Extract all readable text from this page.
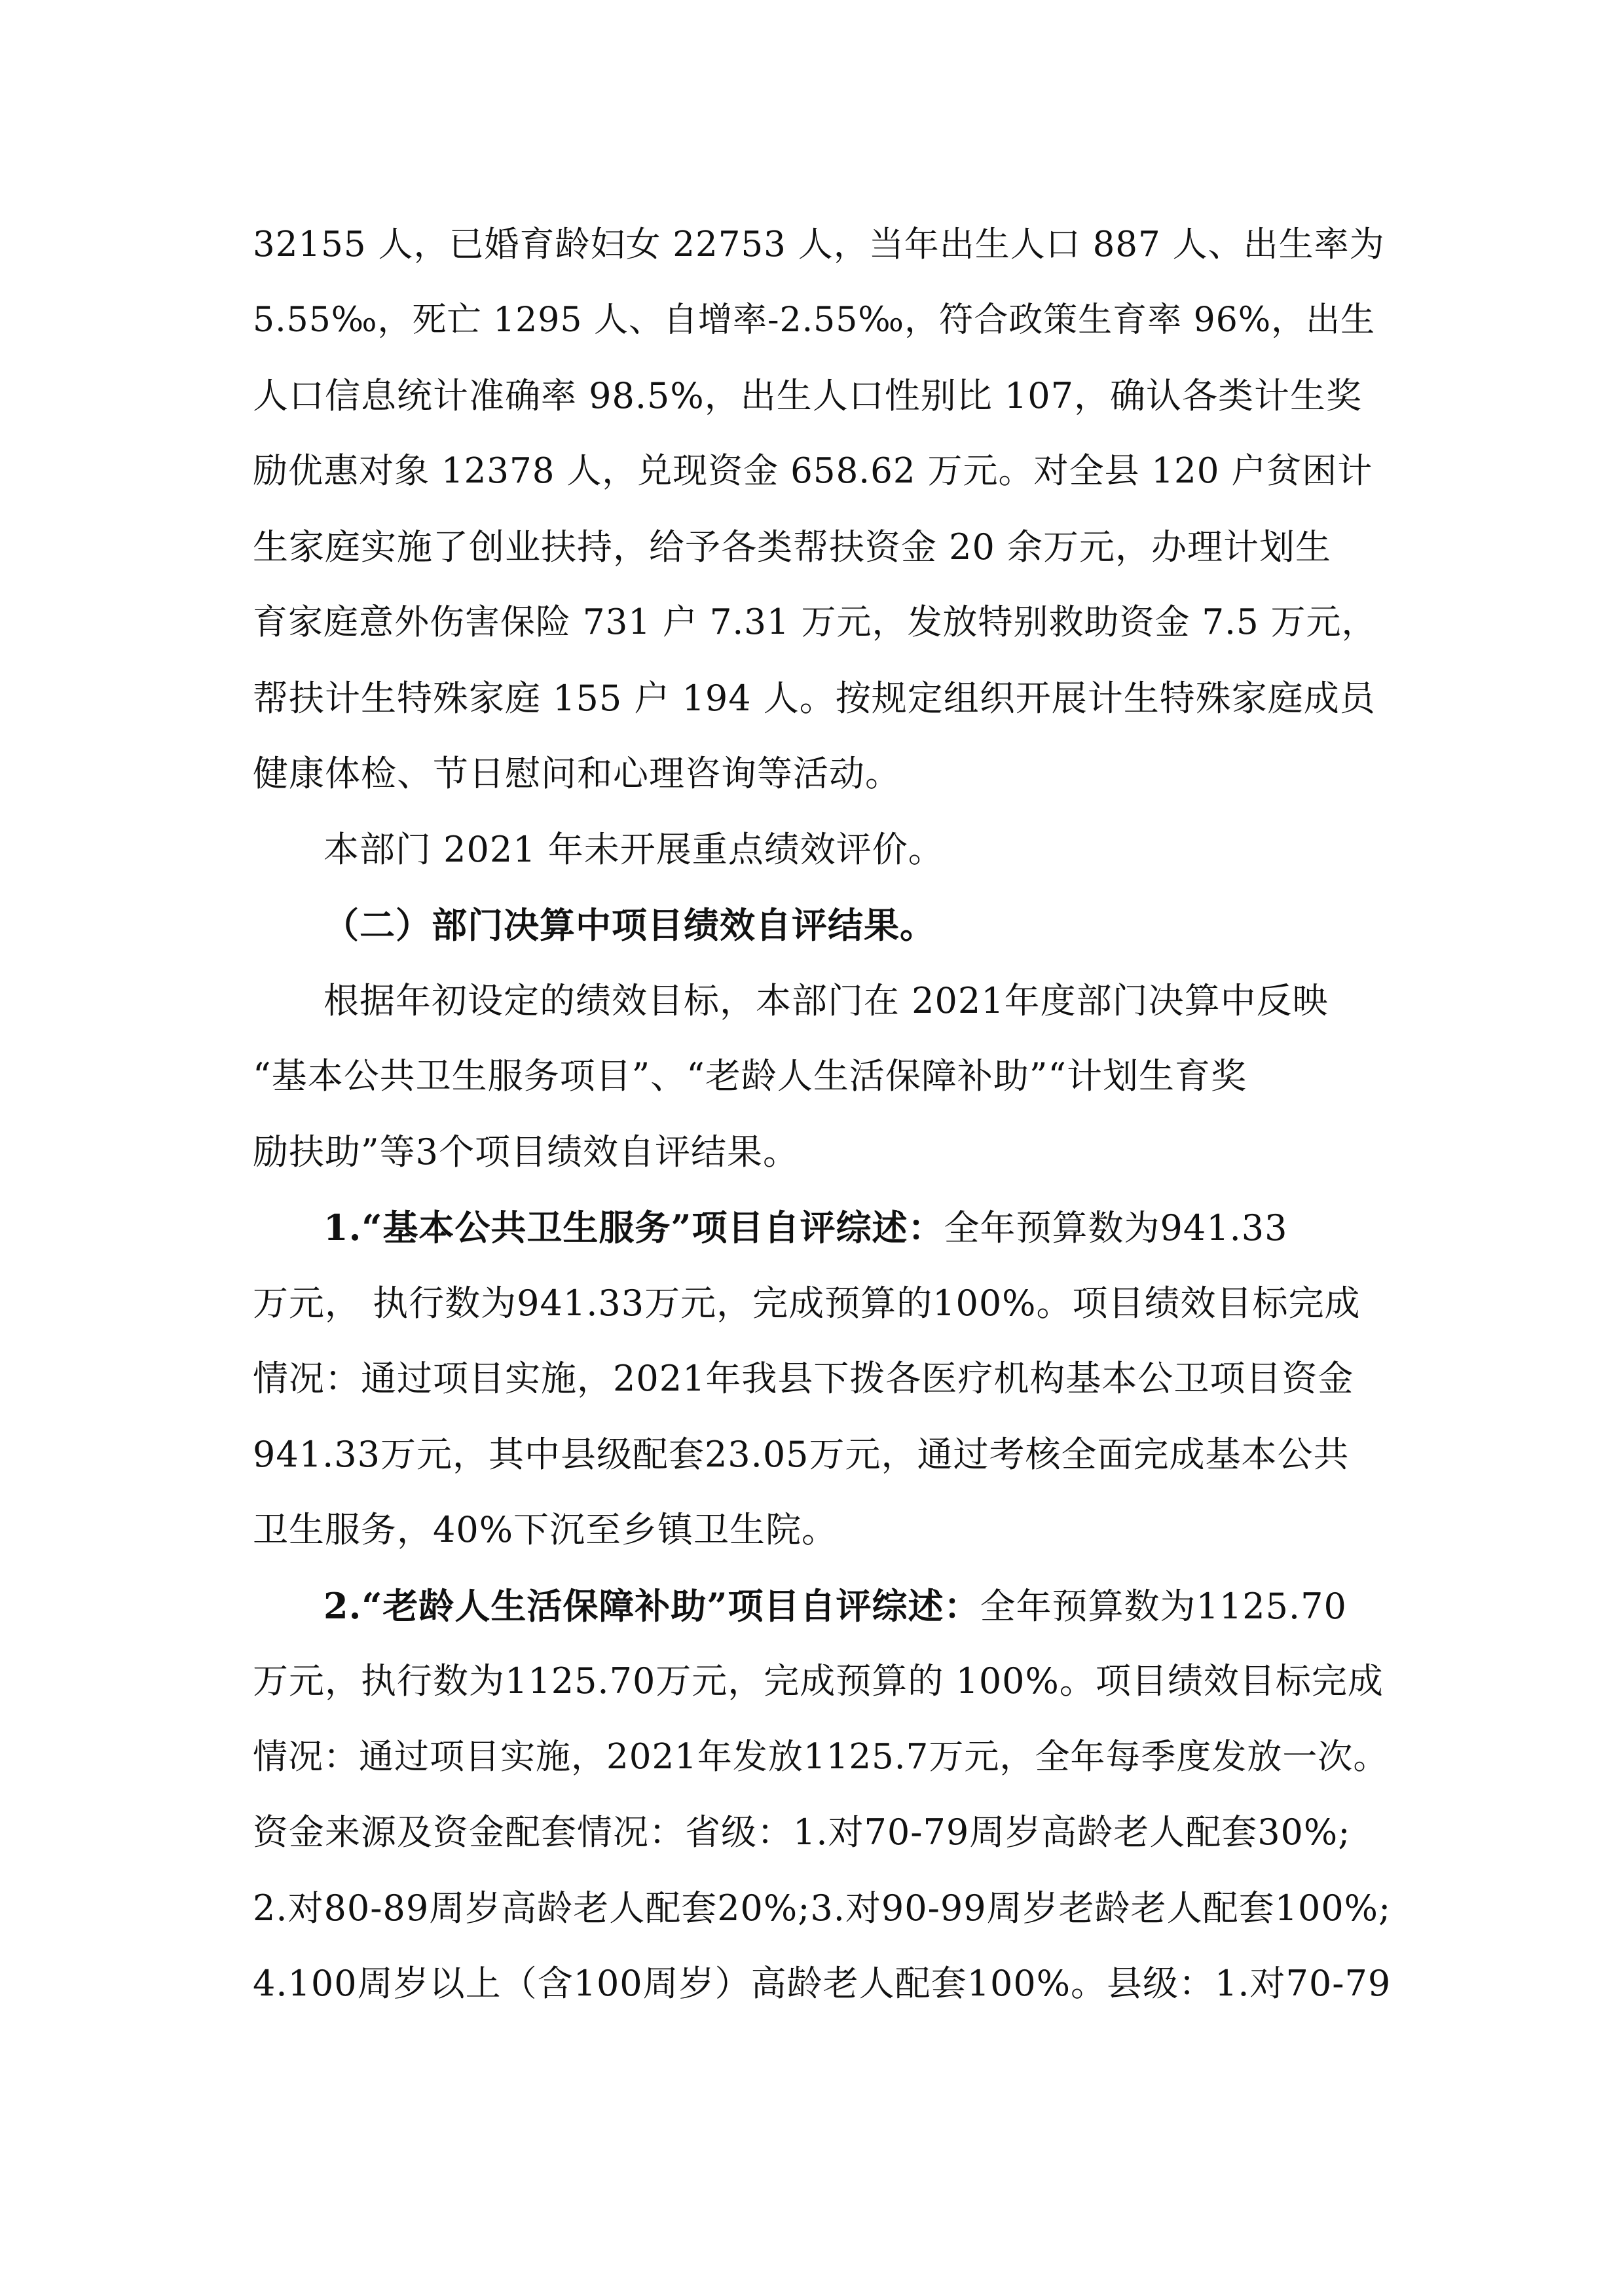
32155 人，已婚育龄妇女 22753 人，当年出生人口 887 人、出生率为
5.55‰，死亡 1295 人、自增率-2.55‰，符合政策生育率 96%，出生
人口信息统计准确率 98.5%，出生人口性别比 107，确认各类计生奖
励优惠对象 12378 人，兑现资金 658.62 万元。对全县 120 户贫困计
生家庭实施了创业扶持，给予各类帮扶资金 20 余万元，办理计划生
育家庭意外伤害保险 731 户 7.31 万元，发放特别救助资金 7.5 万元，
帮扶计生特殊家庭 155 户 194 人。按规定组织开展计生特殊家庭成员
健康体检、节日慰问和心理咨询等活动。
本部门 2021 年未开展重点绩效评价。
（二）部门决算中项目绩效自评结果。
根据年初设定的绩效目标，本部门在 2021年度部门决算中反映
“基本公共卫生服务项目”、“老龄人生活保障补助”“计划生育奖
励扶助”等3个项目绩效自评结果。
1.“基本公共卫生服务”项目自评综述：全年预算数为941.33
万元， 执行数为941.33万元，完成预算的100%。项目绩效目标完成
情况：通过项目实施，2021年我县下拨各医疗机构基本公卫项目资金
941.33万元，其中县级配套23.05万元，通过考核全面完成基本公共
卫生服务，40%下沉至乡镇卫生院。
2.“老龄人生活保障补助”项目自评综述：全年预算数为1125.70
万元，执行数为1125.70万元，完成预算的 100%。项目绩效目标完成
情况：通过项目实施，2021年发放1125.7万元，全年每季度发放一次。
资金来源及资金配套情况：省级：1.对70-79周岁高龄老人配套30%;
2.对80-89周岁高龄老人配套20%;3.对90-99周岁老龄老人配套100%;
4.100周岁以上（含100周岁）高龄老人配套100%。县级：1.对70-79
